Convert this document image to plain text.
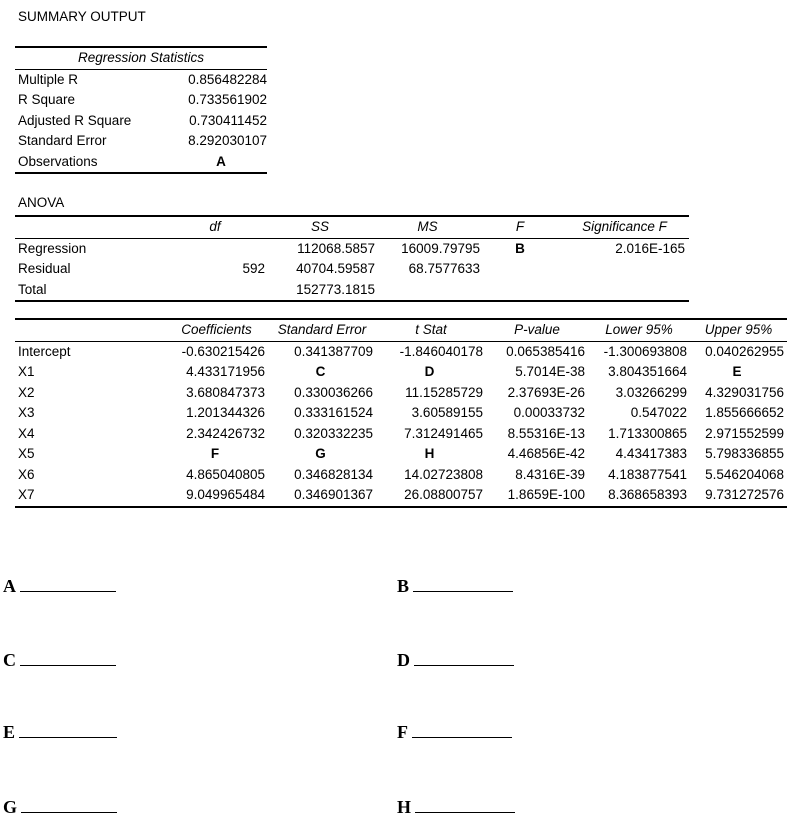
SUMMARY OUTPUT
Regression Statistics	
Multiple R	0.856482284
R Square	0.733561902
Adjusted R Square	0.730411452
Standard Error	8.292030107
Observations	A
ANOVA
	df	SS	MS	F	Significance F
Regression		112068.5857	16009.79795	B	2.016E-165
Residual	592	40704.59587	68.7577633		
Total		152773.1815			
	Coefficients	Standard Error	t Stat	P-value	Lower 95%	Upper 95%
Intercept	-0.630215426	0.341387709	-1.846040178	0.065385416	-1.300693808	0.040262955
X1	4.433171956	C	D	5.7014E-38	3.804351664	E
X2	3.680847373	0.330036266	11.15285729	2.37693E-26	3.03266299	4.329031756
X3	1.201344326	0.333161524	3.60589155	0.00033732	0.547022	1.855666652
X4	2.342426732	0.320332235	7.312491465	8.55316E-13	1.713300865	2.971552599
X5	F	G	H	4.46856E-42	4.43417383	5.798336855
X6	4.865040805	0.346828134	14.02723808	8.4316E-39	4.183877541	5.546204068
X7	9.049965484	0.346901367	26.08800757	1.8659E-100	8.368658393	9.731272576
A	B
C	D
E	F
G	H
